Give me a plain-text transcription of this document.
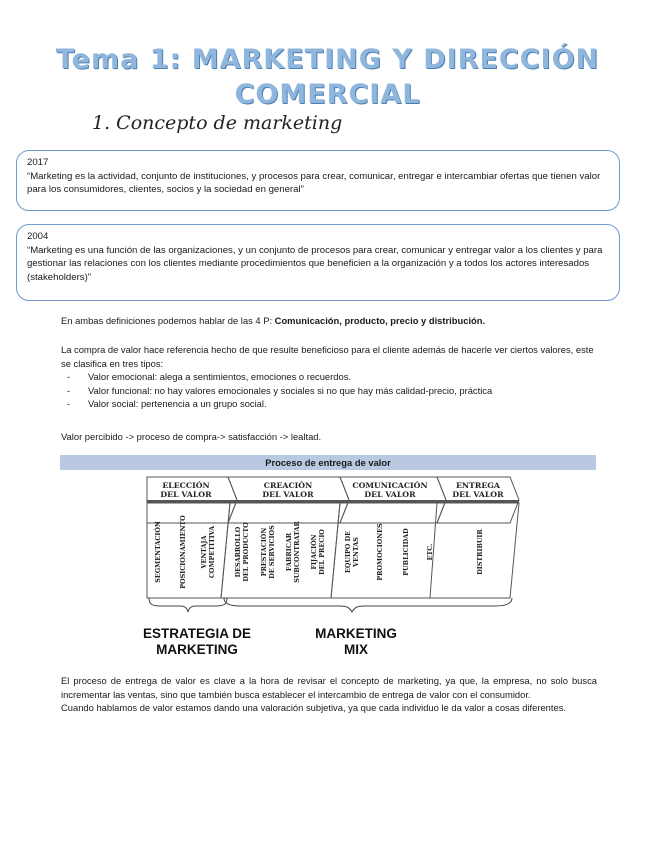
Tema 1: MARKETING Y DIRECCIÓN
COMERCIAL
1. Concepto de marketing
2017
“Marketing es la actividad, conjunto de instituciones, y procesos para crear, comunicar, entregar e intercambiar ofertas que tienen valor para los consumidores, clientes, socios y la sociedad en general”
2004
“Marketing es una función de las organizaciones, y un conjunto de procesos para crear, comunicar y entregar valor a los clientes y para gestionar las relaciones con los clientes mediante procedimientos que beneficien a la organización y a todos los actores interesados (stakeholders)”
En ambas definiciones podemos hablar de las 4 P: Comunicación, producto, precio y distribución.
La compra de valor hace referencia hecho de que resulte beneficioso para el cliente además de hacerle ver ciertos valores, este se clasifica en tres tipos:
- Valor emocional: alega a sentimientos, emociones o recuerdos.
- Valor funcional: no hay valores emocionales y sociales si no que hay más calidad-precio, práctica
- Valor social: pertenencia a un grupo social.
Valor percibido -> proceso de compra-> satisfacción -> lealtad.
Proceso de entrega de valor
ELECCIÓN
DEL VALOR
CREACIÓN
DEL VALOR
COMUNICACIÓN
DEL VALOR
ENTREGA
DEL VALOR
SEGMENTACIÓN	POSICIONAMIENTO VENTAJA COMPETITIVA	DESARROLLO DEL PRODUCTO PRESTACIÓN DE SERVICIOS FABRICAR SUBCONTRATAR FIJACIÓN DEL PRECIO	EQUIPO DE VENTAS	PROMOCIONES	PUBLICIDAD	ETC.	DISTRIBUIR
ESTRATEGIA DE
MARKETING
MARKETING
MIX
El proceso de entrega de valor es clave a la hora de revisar el concepto de marketing, ya que, la empresa, no solo busca incrementar las ventas, sino que también busca establecer el intercambio de entrega de valor con el consumidor.
Cuando hablamos de valor estamos dando una valoración subjetiva, ya que cada individuo le da valor a cosas diferentes.
